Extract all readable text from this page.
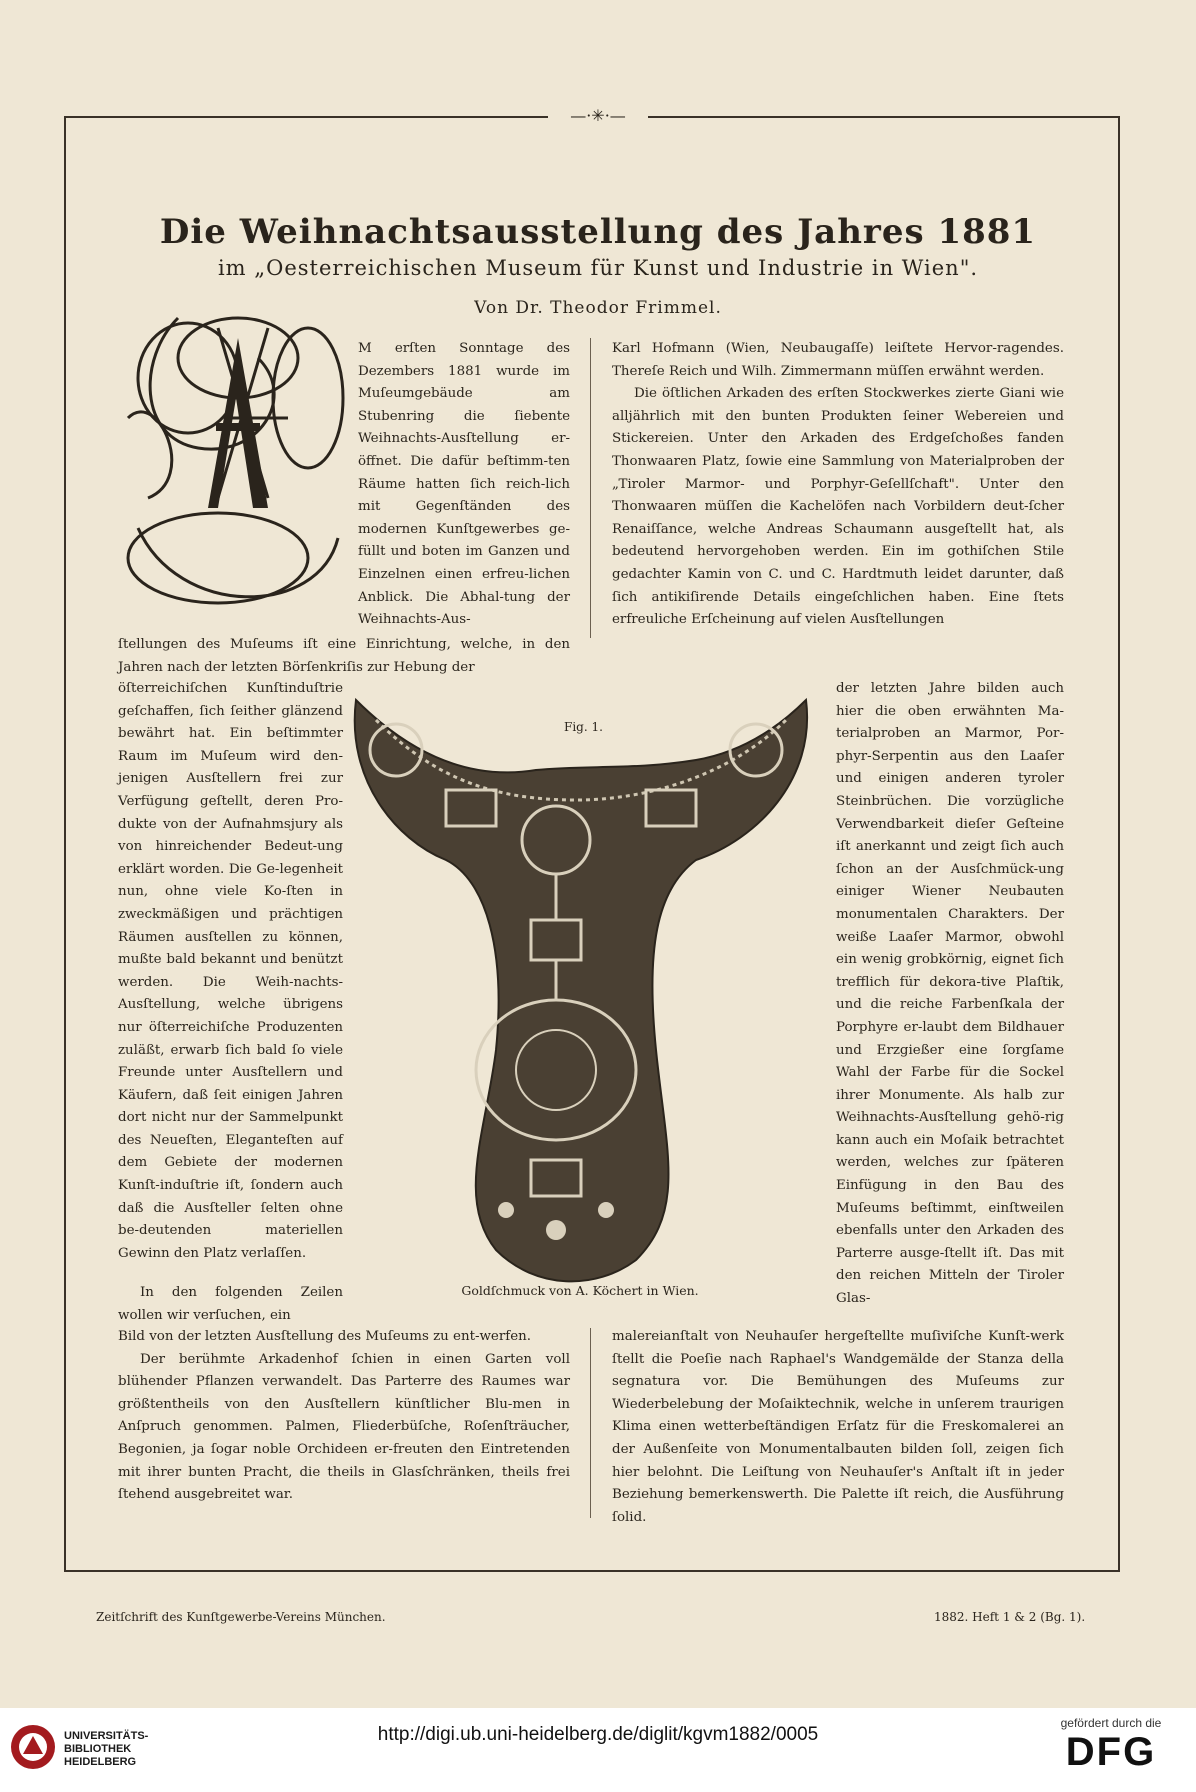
—·✳·—
Die Weihnachtsausstellung des Jahres 1881
im „Oesterreichischen Museum für Kunst und Industrie in Wien".
Von Dr. Theodor Frimmel.
M erſten Sonntage des Dezembers 1881 wurde im Muſeumgebäude am Stubenring die ſiebente Weihnachts-Ausſtellung er-öffnet. Die dafür beſtimm-ten Räume hatten ſich reich-lich mit Gegenſtänden des modernen Kunſtgewerbes ge-füllt und boten im Ganzen und Einzelnen einen erfreu-lichen Anblick. Die Abhal-tung der Weihnachts-Aus-
ſtellungen des Muſeums iſt eine Einrichtung, welche, in den Jahren nach der letzten Börſenkriſis zur Hebung der
öſterreichiſchen Kunſtinduſtrie geſchaffen, ſich ſeither glänzend bewährt hat. Ein beſtimmter Raum im Muſeum wird den-jenigen Ausſtellern frei zur Verfügung geſtellt, deren Pro-dukte von der Aufnahmsjury als von hinreichender Bedeut-ung erklärt worden. Die Ge-legenheit nun, ohne viele Ko-ſten in zweckmäßigen und prächtigen Räumen ausſtellen zu können, mußte bald bekannt und benützt werden. Die Weih-nachts-Ausſtellung, welche übrigens nur öſterreichiſche Produzenten zuläßt, erwarb ſich bald ſo viele Freunde unter Ausſtellern und Käufern, daß ſeit einigen Jahren dort nicht nur der Sammelpunkt des Neueſten, Eleganteſten auf dem Gebiete der modernen Kunſt-induſtrie iſt, ſondern auch daß die Ausſteller ſelten ohne be-deutenden materiellen Gewinn den Platz verlaſſen.

In den folgenden Zeilen wollen wir verſuchen, ein

Bild von der letzten Ausſtellung des Muſeums zu ent-werfen.

Der berühmte Arkadenhof ſchien in einen Garten voll blühender Pflanzen verwandelt. Das Parterre des Raumes war größtentheils von den Ausſtellern künſtlicher Blu-men in Anſpruch genommen. Palmen, Fliederbüſche, Roſenſträucher, Begonien, ja ſogar noble Orchideen er-freuten den Eintretenden mit ihrer bunten Pracht, die theils in Glasſchränken, theils frei ſtehend ausgebreitet war.

Karl Hofmann (Wien, Neubaugaſſe) leiſtete Hervor-ragendes. Thereſe Reich und Wilh. Zimmermann müſſen erwähnt werden.

Die öſtlichen Arkaden des erſten Stockwerkes zierte Giani wie alljährlich mit den bunten Produkten ſeiner Webereien und Stickereien. Unter den Arkaden des Erdgeſchoßes fanden Thonwaaren Platz, ſowie eine Sammlung von Materialproben der „Tiroler Marmor- und Porphyr-Geſellſchaft". Unter den Thonwaaren müſſen die Kachelöfen nach Vorbildern deut-ſcher Renaiſſance, welche Andreas Schaumann ausgeſtellt hat, als bedeutend hervorgehoben werden. Ein im gothiſchen Stile gedachter Kamin von C. und C. Hardtmuth leidet darunter, daß ſich antikiſirende Details eingeſchlichen haben. Eine ſtets erfreuliche Erſcheinung auf vielen Ausſtellungen

der letzten Jahre bilden auch hier die oben erwähnten Ma-terialproben an Marmor, Por-phyr-Serpentin aus den Laaſer und einigen anderen tyroler Steinbrüchen. Die vorzügliche Verwendbarkeit dieſer Geſteine iſt anerkannt und zeigt ſich auch ſchon an der Ausſchmück-ung einiger Wiener Neubauten monumentalen Charakters. Der weiße Laaſer Marmor, obwohl ein wenig grobkörnig, eignet ſich trefflich für dekora-tive Plaſtik, und die reiche Farbenſkala der Porphyre er-laubt dem Bildhauer und Erzgießer eine ſorgſame Wahl der Farbe für die Sockel ihrer Monumente. Als halb zur Weihnachts-Ausſtellung gehö-rig kann auch ein Moſaik betrachtet werden, welches zur ſpäteren Einfügung in den Bau des Muſeums beſtimmt, einſtweilen ebenfalls unter den Arkaden des Parterre ausge-ſtellt iſt. Das mit den reichen Mitteln der Tiroler Glas-
malereianſtalt von Neuhauſer hergeſtellte muſiviſche Kunſt-werk ſtellt die Poeſie nach Raphael's Wandgemälde der Stanza della segnatura vor. Die Bemühungen des Muſeums zur Wiederbelebung der Moſaiktechnik, welche in unſerem traurigen Klima einen wetterbeſtändigen Erſatz für die Freskomalerei an der Außenſeite von Monumentalbauten bilden ſoll, zeigen ſich hier belohnt. Die Leiſtung von Neuhauſer's Anſtalt iſt in jeder Beziehung bemerkenswerth. Die Palette iſt reich, die Ausführung ſolid.
Fig. 1.
Goldſchmuck von A. Köchert in Wien.
Zeitſchrift des Kunſtgewerbe-Vereins München.	1882. Heft 1 & 2 (Bg. 1).
UNIVERSITÄTS-
BIBLIOTHEK
HEIDELBERG
http://digi.ub.uni-heidelberg.de/diglit/kgvm1882/0005
gefördert durch die
DFG
